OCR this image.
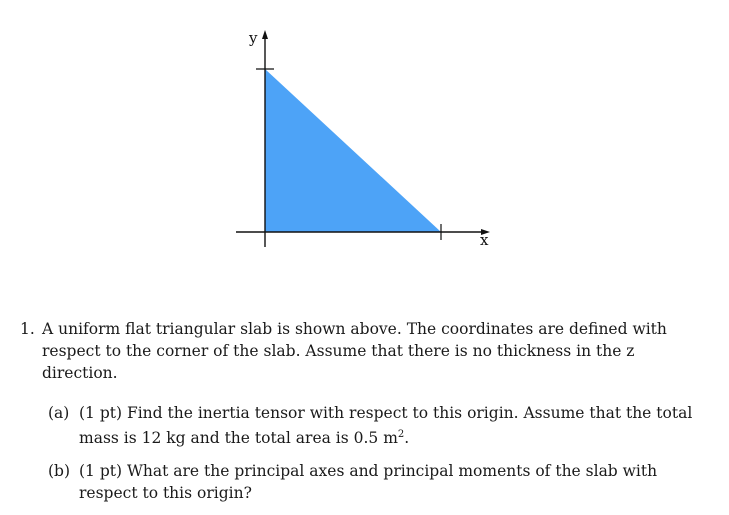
y
x
1. A uniform flat triangular slab is shown above. The coordinates are defined with respect to the corner of the slab. Assume that there is no thickness in the z direction.
(a) (1 pt) Find the inertia tensor with respect to this origin. Assume that the total mass is 12 kg and the total area is 0.5 $m^2$.
(b) (1 pt) What are the principal axes and principal moments of the slab with respect to this origin?
